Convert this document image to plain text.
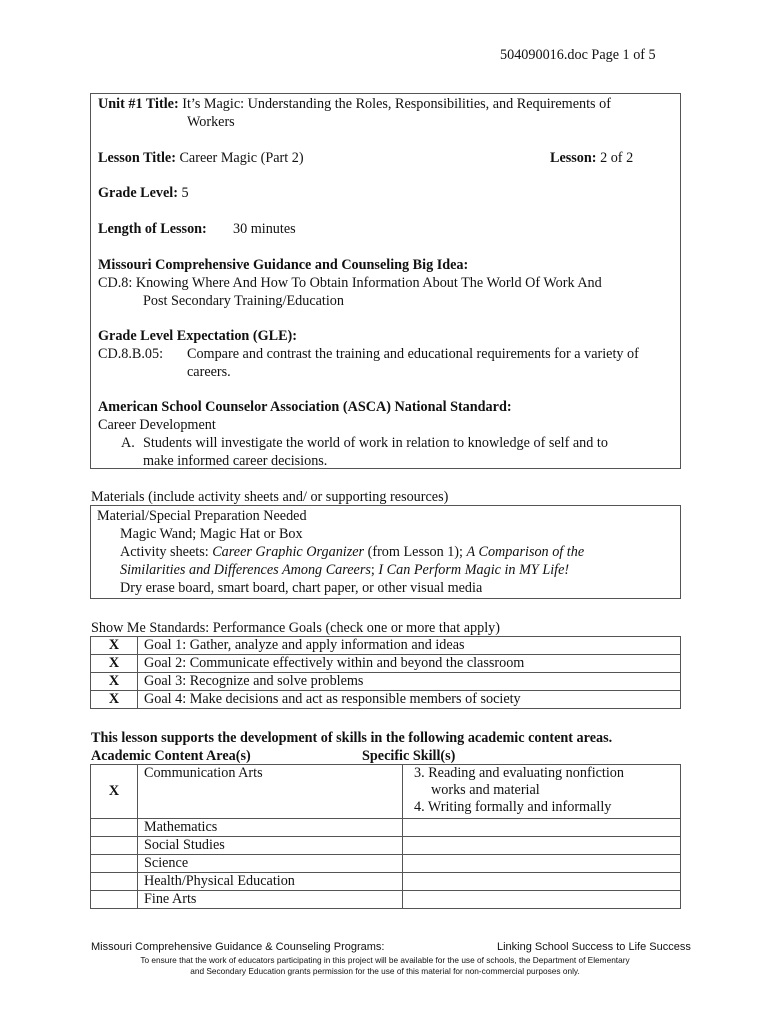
504090016.doc Page 1 of 5
Unit #1 Title: It’s Magic: Understanding the Roles, Responsibilities, and Requirements of
Workers
Lesson Title: Career Magic (Part 2)	Lesson: 2 of 2
Grade Level: 5
Length of Lesson: 30 minutes
Missouri Comprehensive Guidance and Counseling Big Idea:
CD.8: Knowing Where And How To Obtain Information About The World Of Work And
Post Secondary Training/Education
Grade Level Expectation (GLE):
CD.8.B.05: Compare and contrast the training and educational requirements for a variety of
careers.
American School Counselor Association (ASCA) National Standard:
Career Development
A. Students will investigate the world of work in relation to knowledge of self and to
make informed career decisions.
Materials (include activity sheets and/ or supporting resources)
Material/Special Preparation Needed
Magic Wand; Magic Hat or Box
Activity sheets: Career Graphic Organizer (from Lesson 1); A Comparison of the
Similarities and Differences Among Careers; I Can Perform Magic in MY Life!
Dry erase board, smart board, chart paper, or other visual media
Show Me Standards: Performance Goals (check one or more that apply)
X	Goal 1: Gather, analyze and apply information and ideas
X	Goal 2: Communicate effectively within and beyond the classroom
X	Goal 3: Recognize and solve problems
X	Goal 4: Make decisions and act as responsible members of society
This lesson supports the development of skills in the following academic content areas.
Academic Content Area(s)	Specific Skill(s)
X	Communication Arts	3. Reading and evaluating nonfiction
works and material
4. Writing formally and informally

	Mathematics	
	Social Studies	
	Science	
	Health/Physical Education	
	Fine Arts	
Missouri Comprehensive Guidance & Counseling Programs:	Linking School Success to Life Success
To ensure that the work of educators participating in this project will be available for the use of schools, the Department of Elementary
and Secondary Education grants permission for the use of this material for non-commercial purposes only.
